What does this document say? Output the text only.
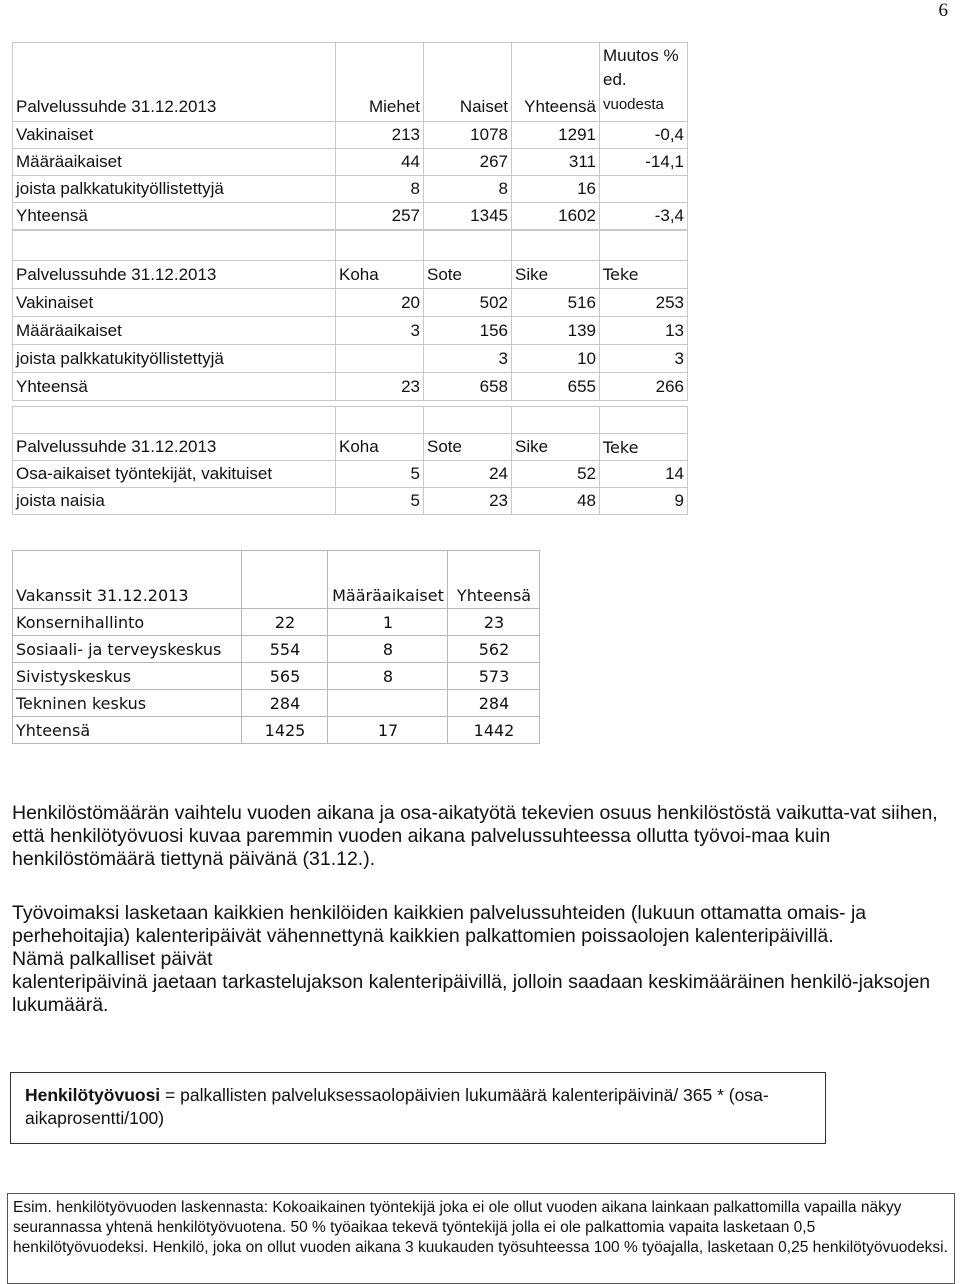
6
Palvelussuhde 31.12.2013	Miehet	Naiset	Yhteensä	Muutos %
ed.
vuodesta
Vakinaiset	213	1078	1291	-0,4
Määräaikaiset	44	267	311	-14,1
joista palkkatukityöllistettyjä	8	8	16	
Yhteensä	257	1345	1602	-3,4

Palvelussuhde 31.12.2013	Koha	Sote	Sike	Teke
Vakinaiset	20	502	516	253
Määräaikaiset	3	156	139	13
joista palkkatukityöllistettyjä		3	10	3
Yhteensä	23	658	655	266

Palvelussuhde 31.12.2013	Koha	Sote	Sike	Teke
Osa-aikaiset työntekijät, vakituiset	5	24	52	14
joista naisia	5	23	48	9
Vakanssit 31.12.2013		Määräaikaiset	Yhteensä
Konsernihallinto	22	1	23
Sosiaali- ja terveyskeskus	554	8	562
Sivistyskeskus	565	8	573
Tekninen keskus	284		284
Yhteensä	1425	17	1442

Henkilöstömäärän vaihtelu vuoden aikana ja osa-aikatyötä tekevien osuus henkilöstöstä vaikutta-vat siihen, että henkilötyövuosi kuvaa paremmin vuoden aikana palvelussuhteessa ollutta työvoi-maa kuin henkilöstömäärä tiettynä päivänä (31.12.).

Työvoimaksi lasketaan kaikkien henkilöiden kaikkien palvelussuhteiden (lukuun ottamatta omais- ja perhehoitajia) kalenteripäivät vähennettynä kaikkien palkattomien poissaolojen kalenteripäivillä.
Nämä palkalliset päivät
kalenteripäivinä jaetaan tarkastelujakson kalenteripäivillä, jolloin saadaan keskimääräinen henkilö-jaksojen lukumäärä.

Henkilötyövuosi = palkallisten palveluksessaolopäivien lukumäärä kalenteripäivinä/ 365 * (osa-aikaprosentti/100)
Esim. henkilötyövuoden laskennasta: Kokoaikainen työntekijä joka ei ole ollut vuoden aikana lainkaan palkattomilla vapailla näkyy seurannassa yhtenä henkilötyövuotena. 50 % työaikaa tekevä työntekijä jolla ei ole palkattomia vapaita lasketaan 0,5 henkilötyövuodeksi. Henkilö, joka on ollut vuoden aikana 3 kuukauden työsuhteessa 100 % työajalla, lasketaan 0,25 henkilötyövuodeksi.
